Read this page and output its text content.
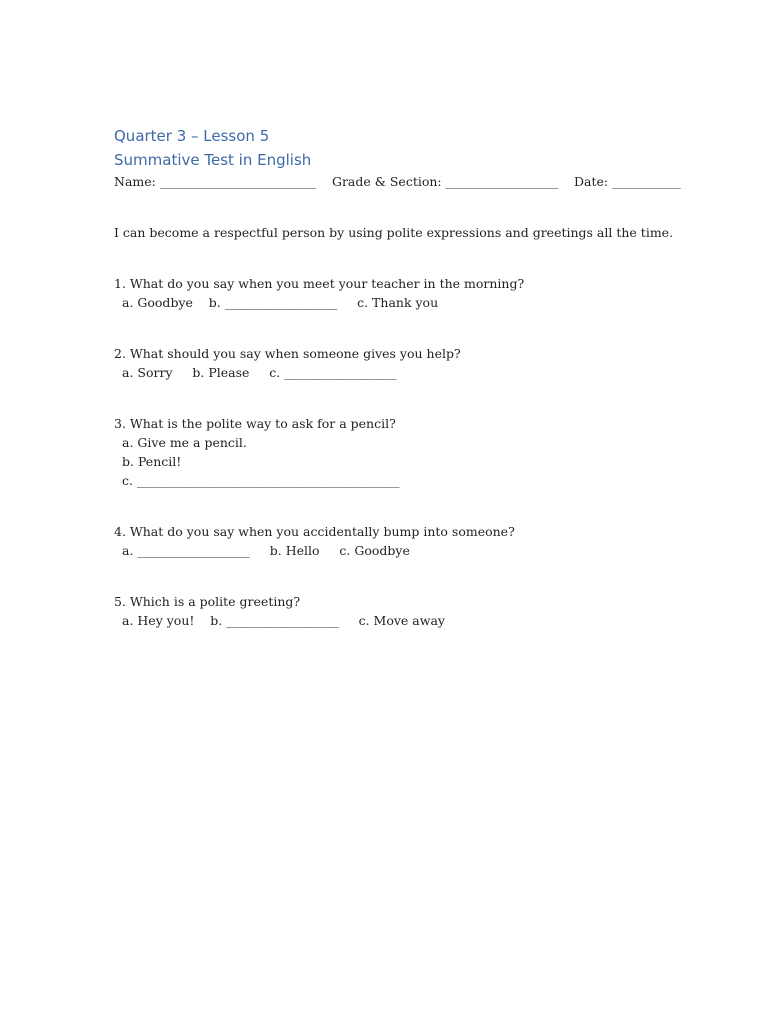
Quarter 3 – Lesson 5
Summative Test in English

Name: _________________________    Grade & Section: __________________    Date: ___________

I can become a respectful person by using polite expressions and greetings all the time.

1. What do you say when you meet your teacher in the morning?

a. Goodbye    b. __________________     c. Thank you

2. What should you say when someone gives you help?

a. Sorry     b. Please     c. __________________

3. What is the polite way to ask for a pencil?

a. Give me a pencil.

b. Pencil!

c. __________________________________________

4. What do you say when you accidentally bump into someone?

a. __________________     b. Hello     c. Goodbye

5. Which is a polite greeting?

a. Hey you!    b. __________________     c. Move away
